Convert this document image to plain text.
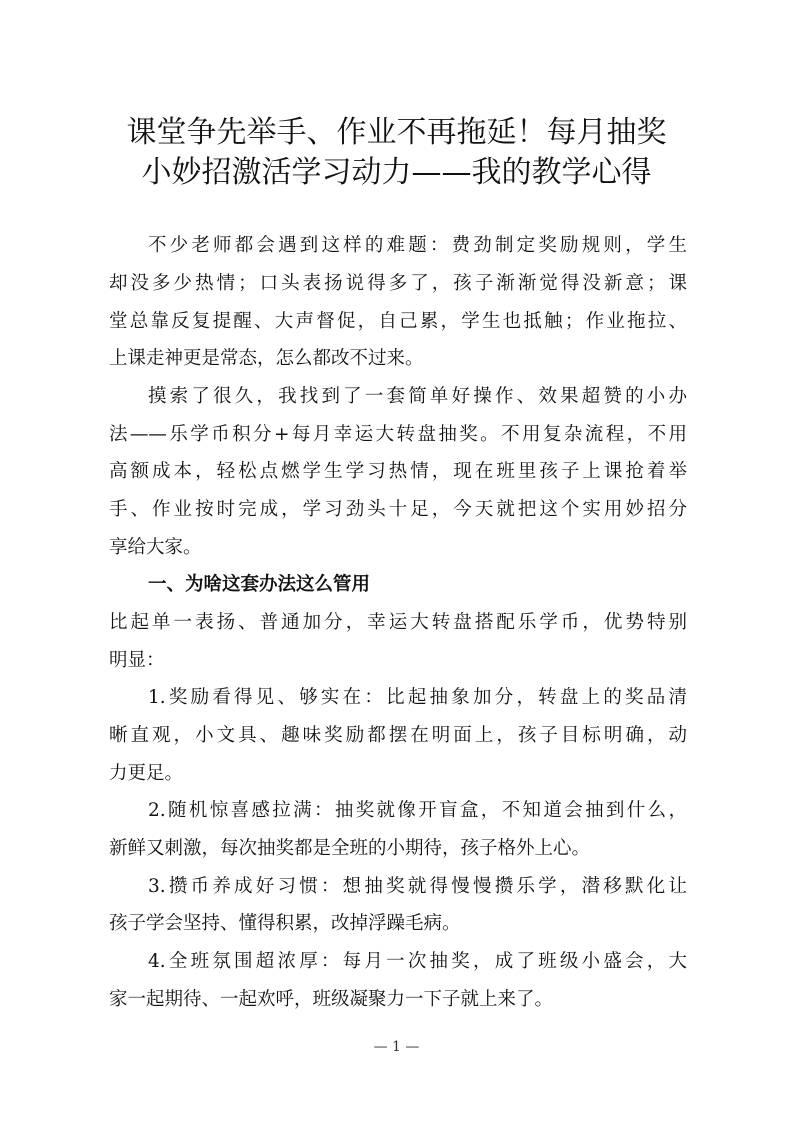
课堂争先举手、作业不再拖延！每月抽奖
小妙招激活学习动力——我的教学心得
不少老师都会遇到这样的难题：费劲制定奖励规则，学生
却没多少热情；口头表扬说得多了，孩子渐渐觉得没新意；课
堂总靠反复提醒、大声督促，自己累，学生也抵触；作业拖拉、
上课走神更是常态，怎么都改不过来。
摸索了很久，我找到了一套简单好操作、效果超赞的小办
法——乐学币积分+每月幸运大转盘抽奖。不用复杂流程，不用
高额成本，轻松点燃学生学习热情，现在班里孩子上课抢着举
手、作业按时完成，学习劲头十足，今天就把这个实用妙招分
享给大家。
一、为啥这套办法这么管用
比起单一表扬、普通加分，幸运大转盘搭配乐学币，优势特别
明显：
1.奖励看得见、够实在：比起抽象加分，转盘上的奖品清
晰直观，小文具、趣味奖励都摆在明面上，孩子目标明确，动
力更足。
2.随机惊喜感拉满：抽奖就像开盲盒，不知道会抽到什么，
新鲜又刺激，每次抽奖都是全班的小期待，孩子格外上心。
3.攒币养成好习惯：想抽奖就得慢慢攒乐学，潜移默化让
孩子学会坚持、懂得积累，改掉浮躁毛病。
4.全班氛围超浓厚：每月一次抽奖，成了班级小盛会，大
家一起期待、一起欢呼，班级凝聚力一下子就上来了。
— 1 —
